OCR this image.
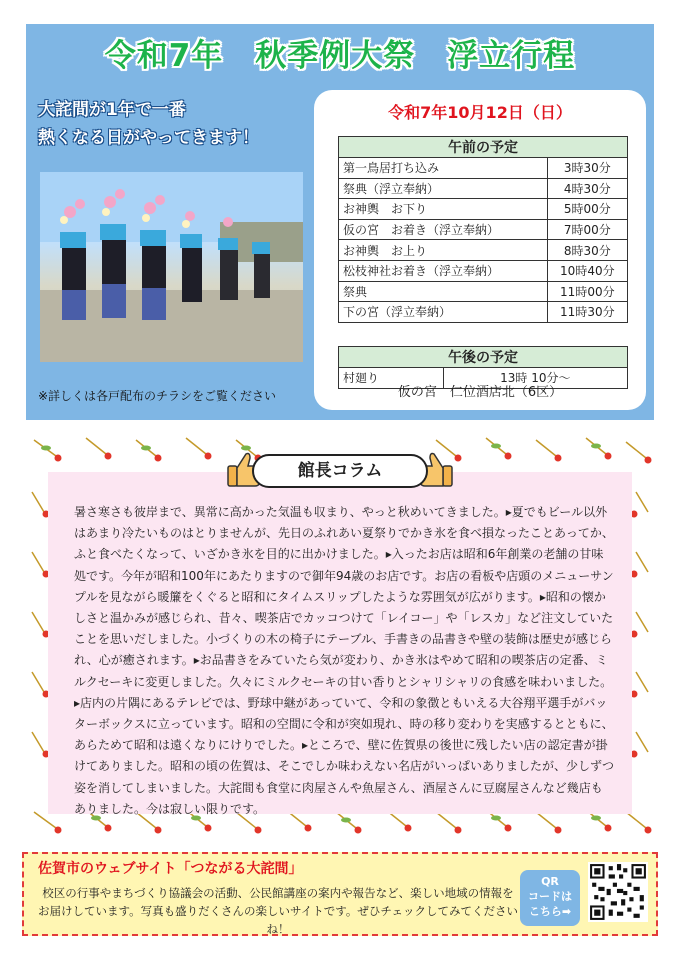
令和7年　秋季例大祭　浮立行程
大詫間が1年で一番
熱くなる日がやってきます！
※詳しくは各戸配布のチラシをご覧ください
令和7年10月12日（日）
午前の予定	
第一鳥居打ち込み	3時30分
祭典（浮立奉納）	4時30分
お神輿　お下り	5時00分
仮の宮　お着き（浮立奉納）	7時00分
お神輿　お上り	8時30分
松枝神社お着き（浮立奉納）	10時40分
祭典	11時00分
下の宮（浮立奉納）	11時30分
午後の予定
村廻り	13時 10分～
仮の宮　仁位酒店北（6区）
館長コラム
暑さ寒さも彼岸まで、異常に高かった気温も収まり、やっと秋めいてきました。▸夏でもビール以外はあまり冷たいものはとりませんが、先日のふれあい夏祭りでかき氷を食べ損なったことあってか、ふと食べたくなって、いざかき氷を目的に出かけました。▸入ったお店は昭和6年創業の老舗の甘味処です。今年が昭和100年にあたりますので御年94歳のお店です。お店の看板や店頭のメニューサンプルを見ながら暖簾をくぐると昭和にタイムスリップしたような雰囲気が広がります。▸昭和の懐かしさと温かみが感じられ、昔々、喫茶店でカッコつけて「レイコー」や「レスカ」など注文していたことを思いだしました。小づくりの木の椅子にテーブル、手書きの品書きや壁の装飾は歴史が感じられ、心が癒されます。▸お品書きをみていたら気が変わり、かき氷はやめて昭和の喫茶店の定番、ミルクセーキに変更しました。久々にミルクセーキの甘い香りとシャリシャリの食感を味わいました。▸店内の片隅にあるテレビでは、野球中継があっていて、令和の象徴ともいえる大谷翔平選手がバッターボックスに立っています。昭和の空間に令和が突如現れ、時の移り変わりを実感するとともに、あらためて昭和は遠くなりにけりでした。▸ところで、壁に佐賀県の後世に残したい店の認定書が掛けてありました。昭和の頃の佐賀は、そこでしか味わえない名店がいっぱいありましたが、少しずつ姿を消してしまいました。大詫間も食堂に肉屋さんや魚屋さん、酒屋さんに豆腐屋さんなど幾店もありました。今は寂しい限りです。
佐賀市のウェブサイト「つながる大詫間」
校区の行事やまちづくり協議会の活動、公民館講座の案内や報告など、楽しい地域の情報を
お届けしています。写真も盛りだくさんの楽しいサイトです。ぜひチェックしてみてくださいね！
QR
コードは
こちら➡
